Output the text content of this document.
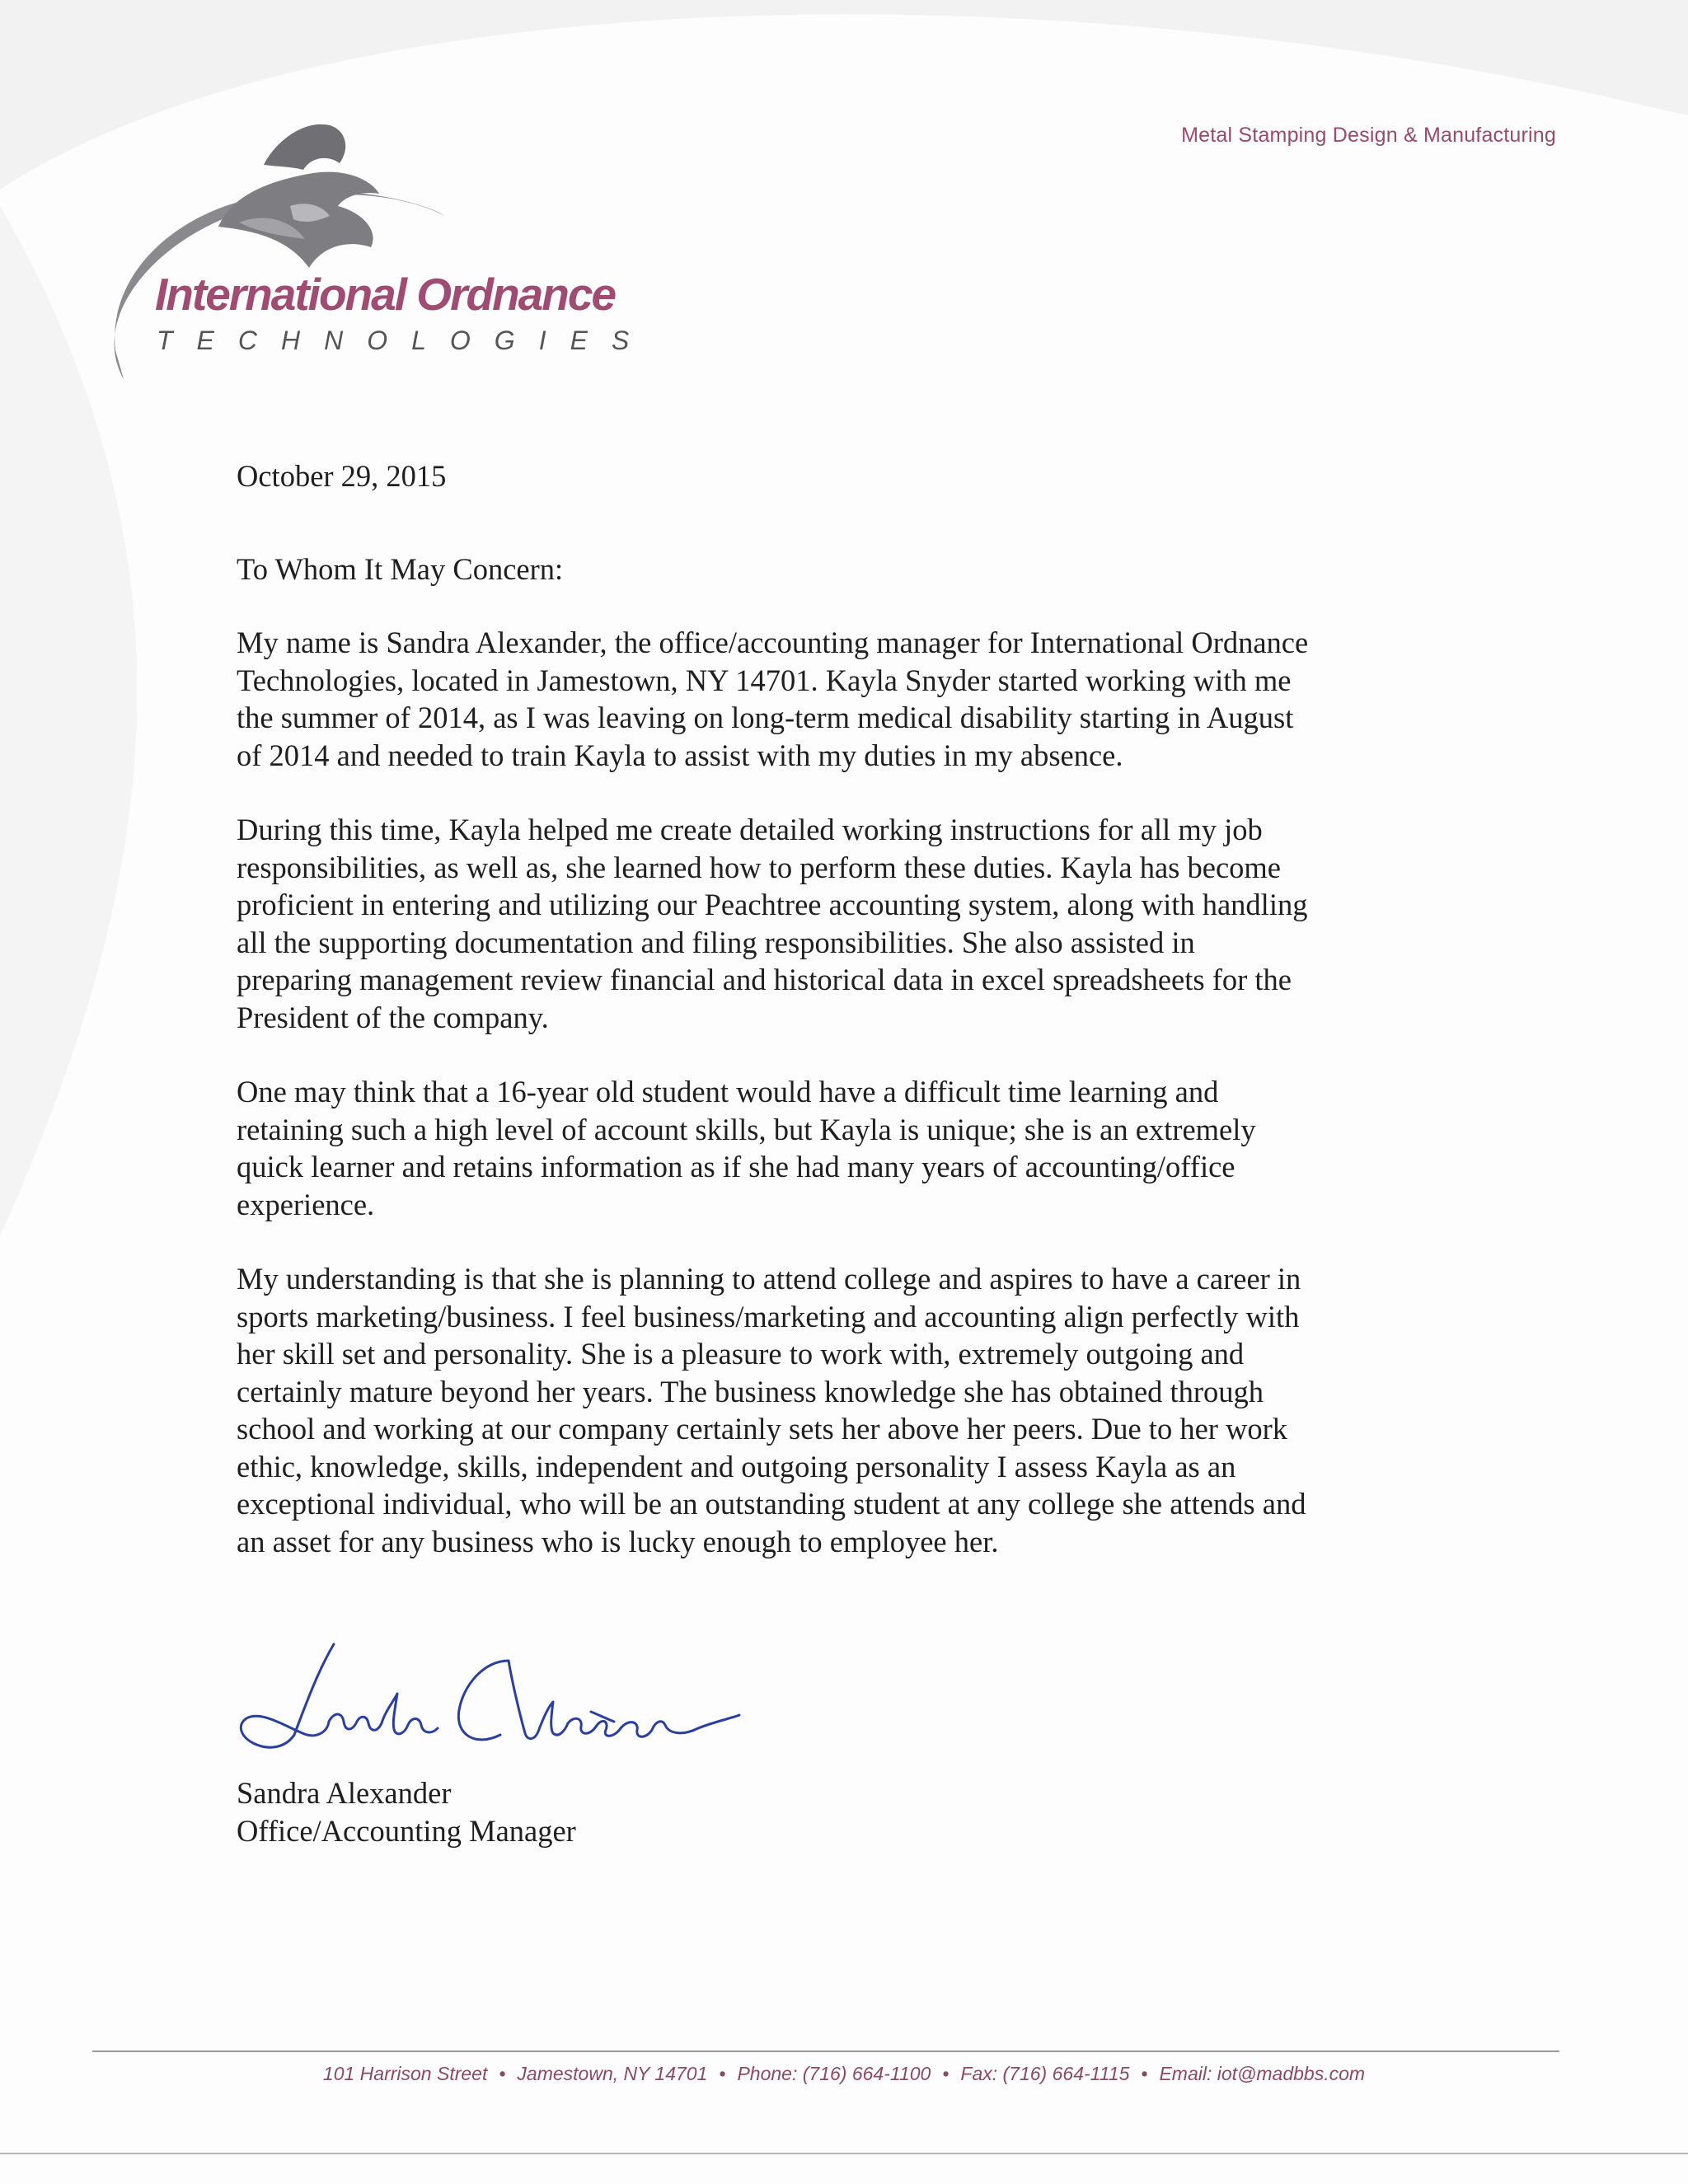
Metal Stamping Design & Manufacturing
International Ordnance
TECHNOLOGIES

October 29, 2015

To Whom It May Concern:

My name is Sandra Alexander, the office/accounting manager for International Ordnance
Technologies, located in Jamestown, NY 14701. Kayla Snyder started working with me
the summer of 2014, as I was leaving on long-term medical disability starting in August
of 2014 and needed to train Kayla to assist with my duties in my absence.

During this time, Kayla helped me create detailed working instructions for all my job
responsibilities, as well as, she learned how to perform these duties. Kayla has become
proficient in entering and utilizing our Peachtree accounting system, along with handling
all the supporting documentation and filing responsibilities. She also assisted in
preparing management review financial and historical data in excel spreadsheets for the
President of the company.

One may think that a 16-year old student would have a difficult time learning and
retaining such a high level of account skills, but Kayla is unique; she is an extremely
quick learner and retains information as if she had many years of accounting/office
experience.

My understanding is that she is planning to attend college and aspires to have a career in
sports marketing/business. I feel business/marketing and accounting align perfectly with
her skill set and personality. She is a pleasure to work with, extremely outgoing and
certainly mature beyond her years. The business knowledge she has obtained through
school and working at our company certainly sets her above her peers. Due to her work
ethic, knowledge, skills, independent and outgoing personality I assess Kayla as an
exceptional individual, who will be an outstanding student at any college she attends and
an asset for any business who is lucky enough to employee her.

Sandra Alexander

Office/Accounting Manager

101 Harrison Street • Jamestown, NY 14701 • Phone: (716) 664-1100 • Fax: (716) 664-1115 • Email: iot@madbbs.com
